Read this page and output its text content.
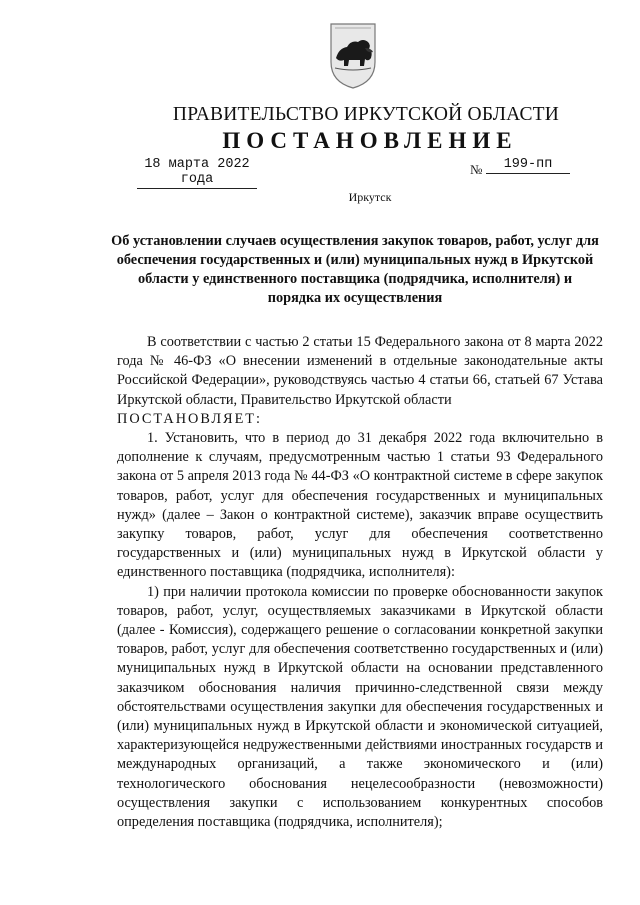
ПРАВИТЕЛЬСТВО ИРКУТСКОЙ ОБЛАСТИ
ПОСТАНОВЛЕНИЕ
18 марта 2022 года
№	199-пп
Иркутск
Об установлении случаев осуществления закупок товаров, работ, услуг для обеспечения государственных и (или) муниципальных нужд в Иркутской области у единственного поставщика (подрядчика, исполнителя) и порядка их осуществления

В соответствии с частью 2 статьи 15 Федерального закона от 8 марта 2022 года № 46-ФЗ «О внесении изменений в отдельные законодательные акты Российской Федерации», руководствуясь частью 4 статьи 66, статьей 67 Устава Иркутской области, Правительство Иркутской области

ПОСТАНОВЛЯЕТ:

1. Установить, что в период до 31 декабря 2022 года включительно в дополнение к случаям, предусмотренным частью 1 статьи 93 Федерального закона от 5 апреля 2013 года № 44-ФЗ «О контрактной системе в сфере закупок товаров, работ, услуг для обеспечения государственных и муниципальных нужд» (далее – Закон о контрактной системе), заказчик вправе осуществить закупку товаров, работ, услуг для обеспечения соответственно государственных и (или) муниципальных нужд в Иркутской области у единственного поставщика (подрядчика, исполнителя):

1) при наличии протокола комиссии по проверке обоснованности закупок товаров, работ, услуг, осуществляемых заказчиками в Иркутской области (далее - Комиссия), содержащего решение о согласовании конкретной закупки товаров, работ, услуг для обеспечения соответственно государственных и (или) муниципальных нужд в Иркутской области на основании представленного заказчиком обоснования наличия причинно-следственной связи между обстоятельствами осуществления закупки для обеспечения государственных и (или) муниципальных нужд в Иркутской области и экономической ситуацией, характеризующейся недружественными действиями иностранных государств и международных организаций, а также экономического и (или) технологического обоснования нецелесообразности (невозможности) осуществления закупки с использованием конкурентных способов определения поставщика (подрядчика, исполнителя);
